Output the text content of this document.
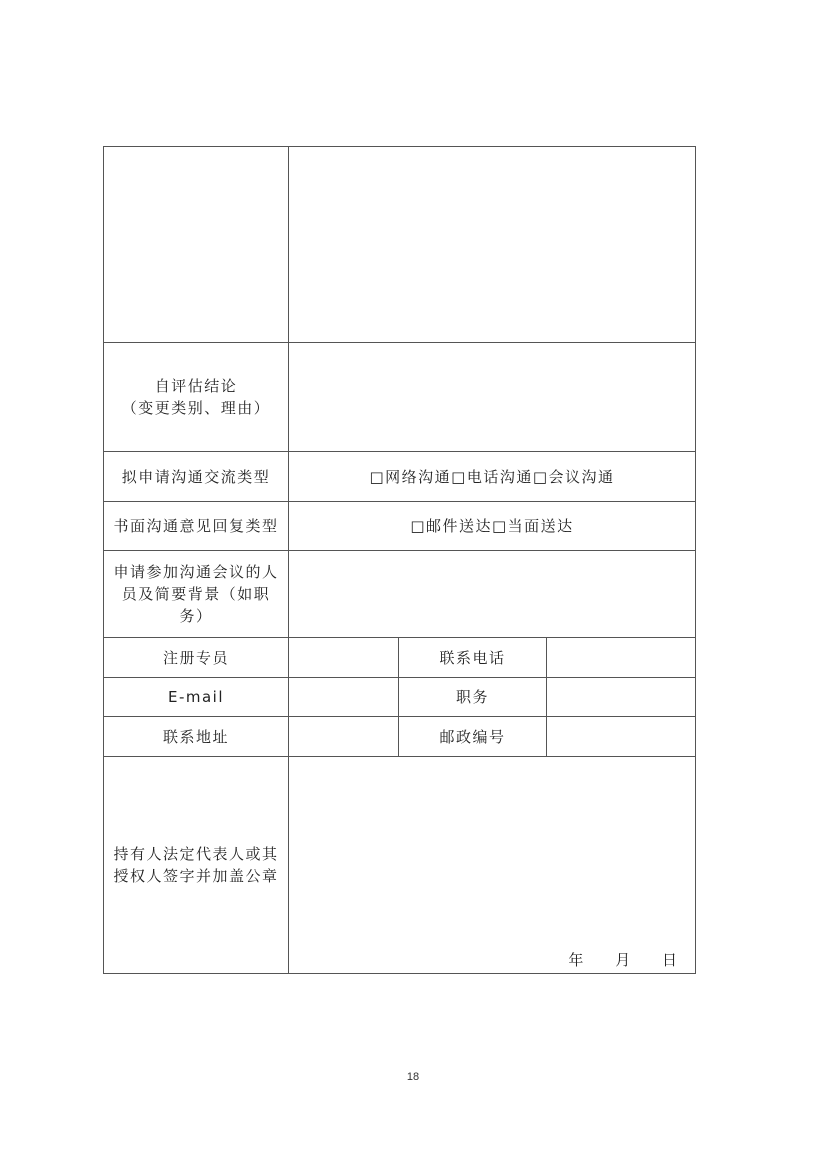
自评估结论
（变更类别、理由）			

拟申请沟通交流类型	□网络沟通□电话沟通□会议沟通		
书面沟通意见回复类型	□邮件送达□当面送达		

申请参加沟通会议的人
员及简要背景（如职务）			

注册专员		联系电话	
E-mail		职务	
联系地址		邮政编号	

持有人法定代表人或其
授权人签字并加盖公章	年 月 日		
18
